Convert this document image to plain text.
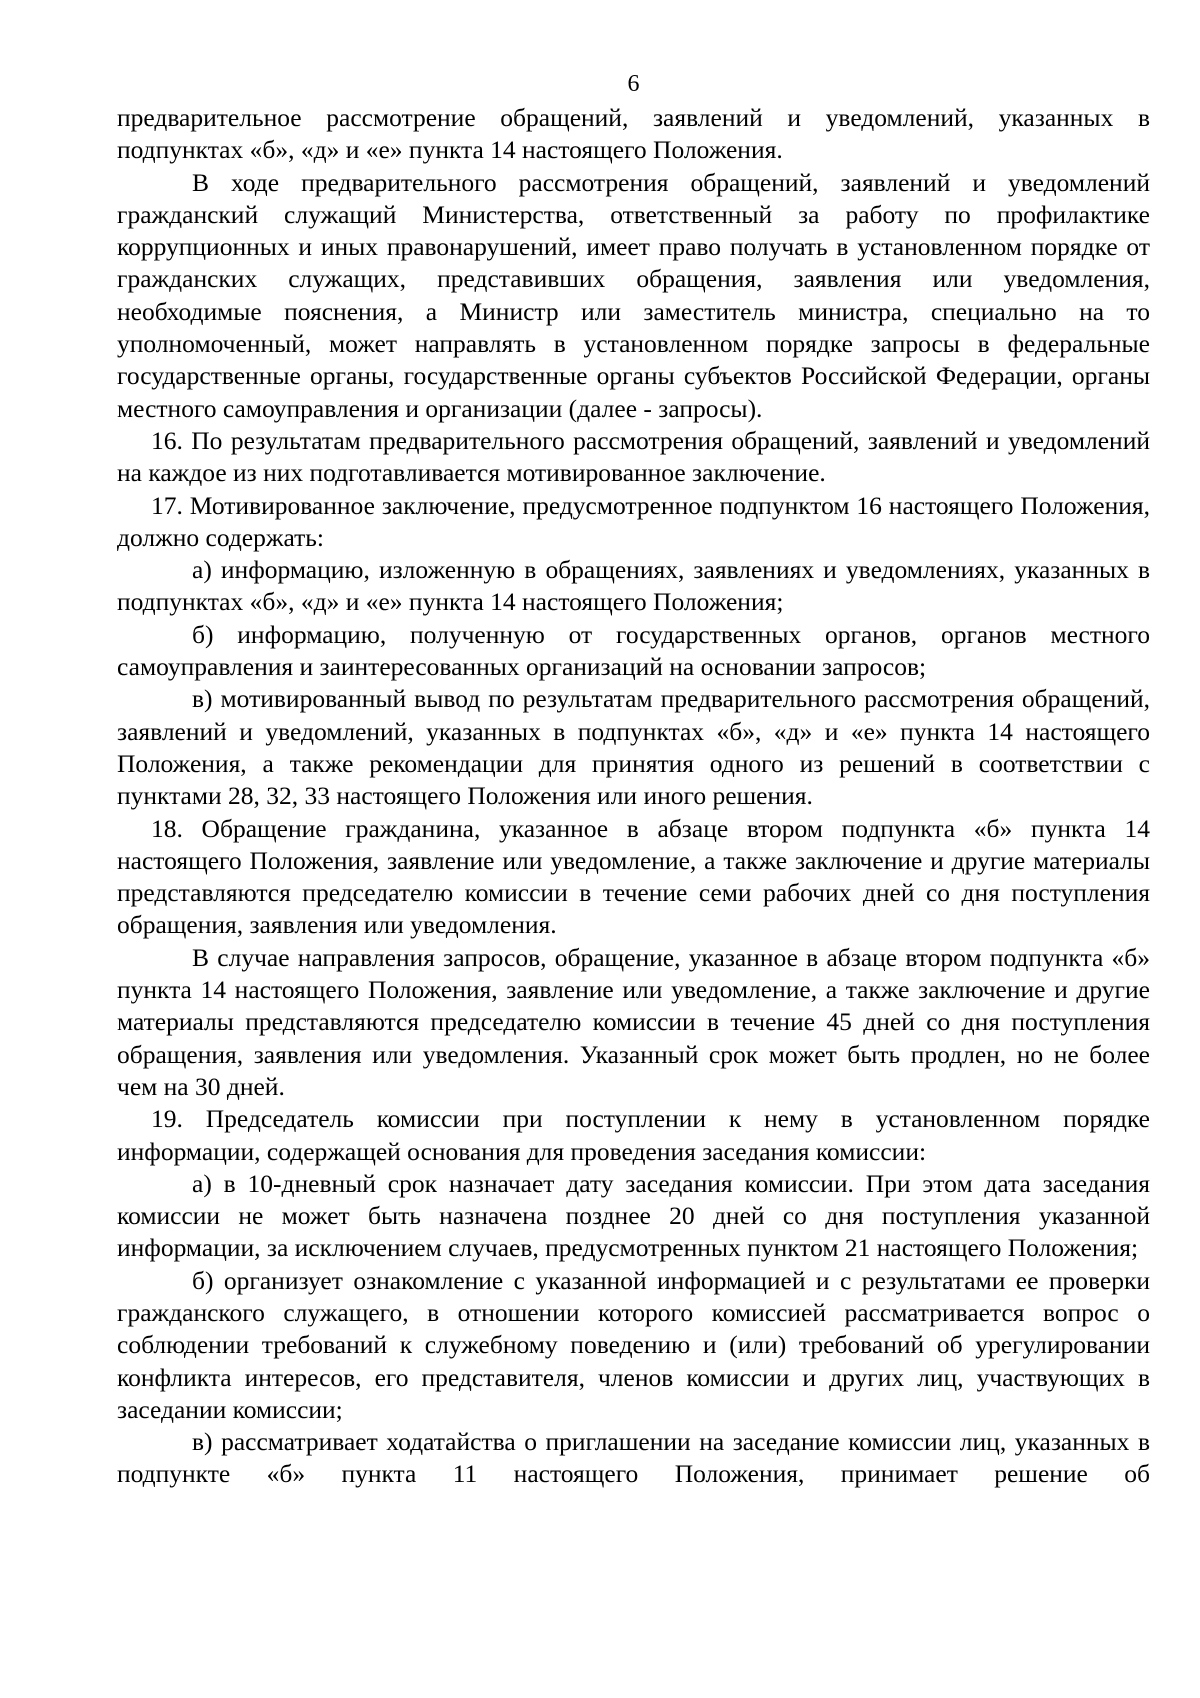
6

предварительное рассмотрение обращений, заявлений и уведомлений, указанных в подпунктах «б», «д» и «е» пункта 14 настоящего Положения.

В ходе предварительного рассмотрения обращений, заявлений и уведомлений гражданский служащий Министерства, ответственный за работу по профилактике коррупционных и иных правонарушений, имеет право получать в установленном порядке от гражданских служащих, представивших обращения, заявления или уведомления, необходимые пояснения, а Министр или заместитель министра, специально на то уполномоченный, может направлять в установленном порядке запросы в федеральные государственные органы, государственные органы субъектов Российской Федерации, органы местного самоуправления и организации (далее - запросы).

16. По результатам предварительного рассмотрения обращений, заявлений и уведомлений на каждое из них подготавливается мотивированное заключение.

17. Мотивированное заключение, предусмотренное подпунктом 16 настоящего Положения, должно содержать:

а) информацию, изложенную в обращениях, заявлениях и уведомлениях, указанных в подпунктах «б», «д» и «е» пункта 14 настоящего Положения;

б) информацию, полученную от государственных органов, органов местного самоуправления и заинтересованных организаций на основании запросов;

в) мотивированный вывод по результатам предварительного рассмотрения обращений, заявлений и уведомлений, указанных в подпунктах «б», «д» и «е» пункта 14 настоящего Положения, а также рекомендации для принятия одного из решений в соответствии с пунктами 28, 32, 33 настоящего Положения или иного решения.

18. Обращение гражданина, указанное в абзаце втором подпункта «б» пункта 14 настоящего Положения, заявление или уведомление, а также заключение и другие материалы представляются председателю комиссии в течение семи рабочих дней со дня поступления обращения, заявления или уведомления.

В случае направления запросов, обращение, указанное в абзаце втором подпункта «б» пункта 14 настоящего Положения, заявление или уведомление, а также заключение и другие материалы представляются председателю комиссии в течение 45 дней со дня поступления обращения, заявления или уведомления. Указанный срок может быть продлен, но не более чем на 30 дней.

19. Председатель комиссии при поступлении к нему в установленном порядке информации, содержащей основания для проведения заседания комиссии:

а) в 10-дневный срок назначает дату заседания комиссии. При этом дата заседания комиссии не может быть назначена позднее 20 дней со дня поступления указанной информации, за исключением случаев, предусмотренных пунктом 21 настоящего Положения;

б) организует ознакомление с указанной информацией и с результатами ее проверки гражданского служащего, в отношении которого комиссией рассматривается вопрос о соблюдении требований к служебному поведению и (или) требований об урегулировании конфликта интересов, его представителя, членов комиссии и других лиц, участвующих в заседании комиссии;

в) рассматривает ходатайства о приглашении на заседание комиссии лиц, указанных в подпункте «б» пункта 11 настоящего Положения, принимает решение об
